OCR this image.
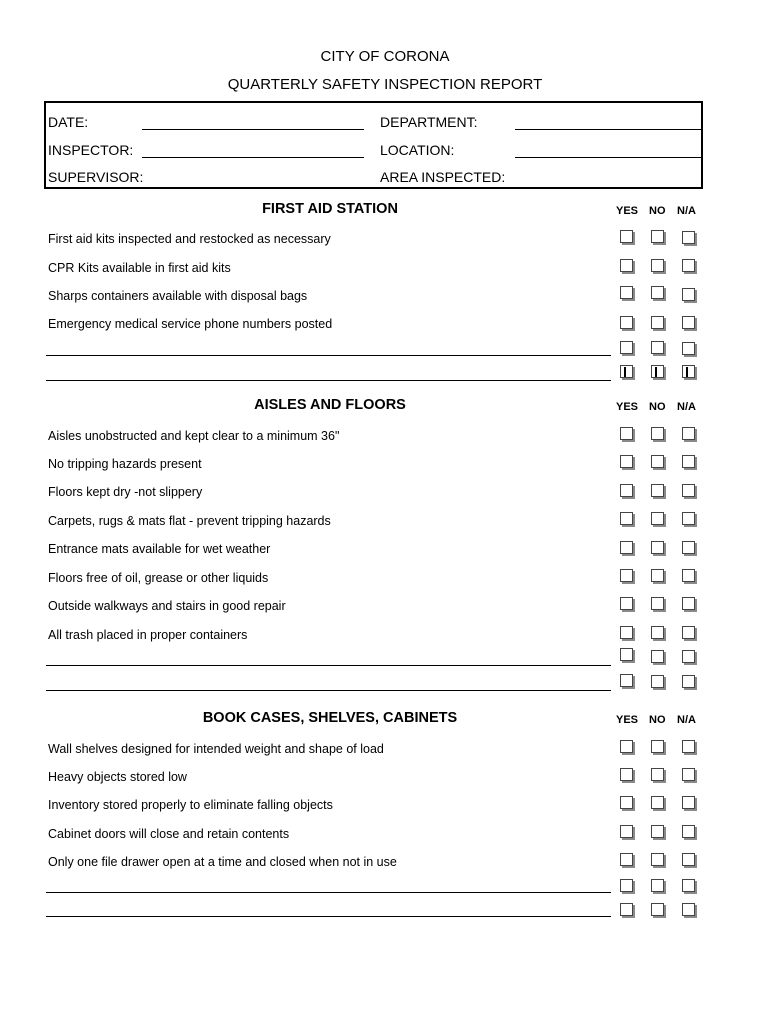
CITY OF CORONA
QUARTERLY SAFETY INSPECTION REPORT
DATE:	DEPARTMENT:
INSPECTOR:	LOCATION:
SUPERVISOR:	AREA INSPECTED:
FIRST AID STATION	YES NO N/A
First aid kits inspected and restocked as necessary
CPR Kits available in first aid kits
Sharps containers available with disposal bags
Emergency medical service phone numbers posted
AISLES AND FLOORS	YES NO N/A
Aisles unobstructed and kept clear to a minimum 36"
No tripping hazards present
Floors kept dry -not slippery
Carpets, rugs & mats flat - prevent tripping hazards
Entrance mats available for wet weather
Floors free of oil, grease or other liquids
Outside walkways and stairs in good repair
All trash placed in proper containers
BOOK CASES, SHELVES, CABINETS	YES NO N/A
Wall shelves designed for intended weight and shape of load
Heavy objects stored low
Inventory stored properly to eliminate falling objects
Cabinet doors will close and retain contents
Only one file drawer open at a time and closed when not in use
